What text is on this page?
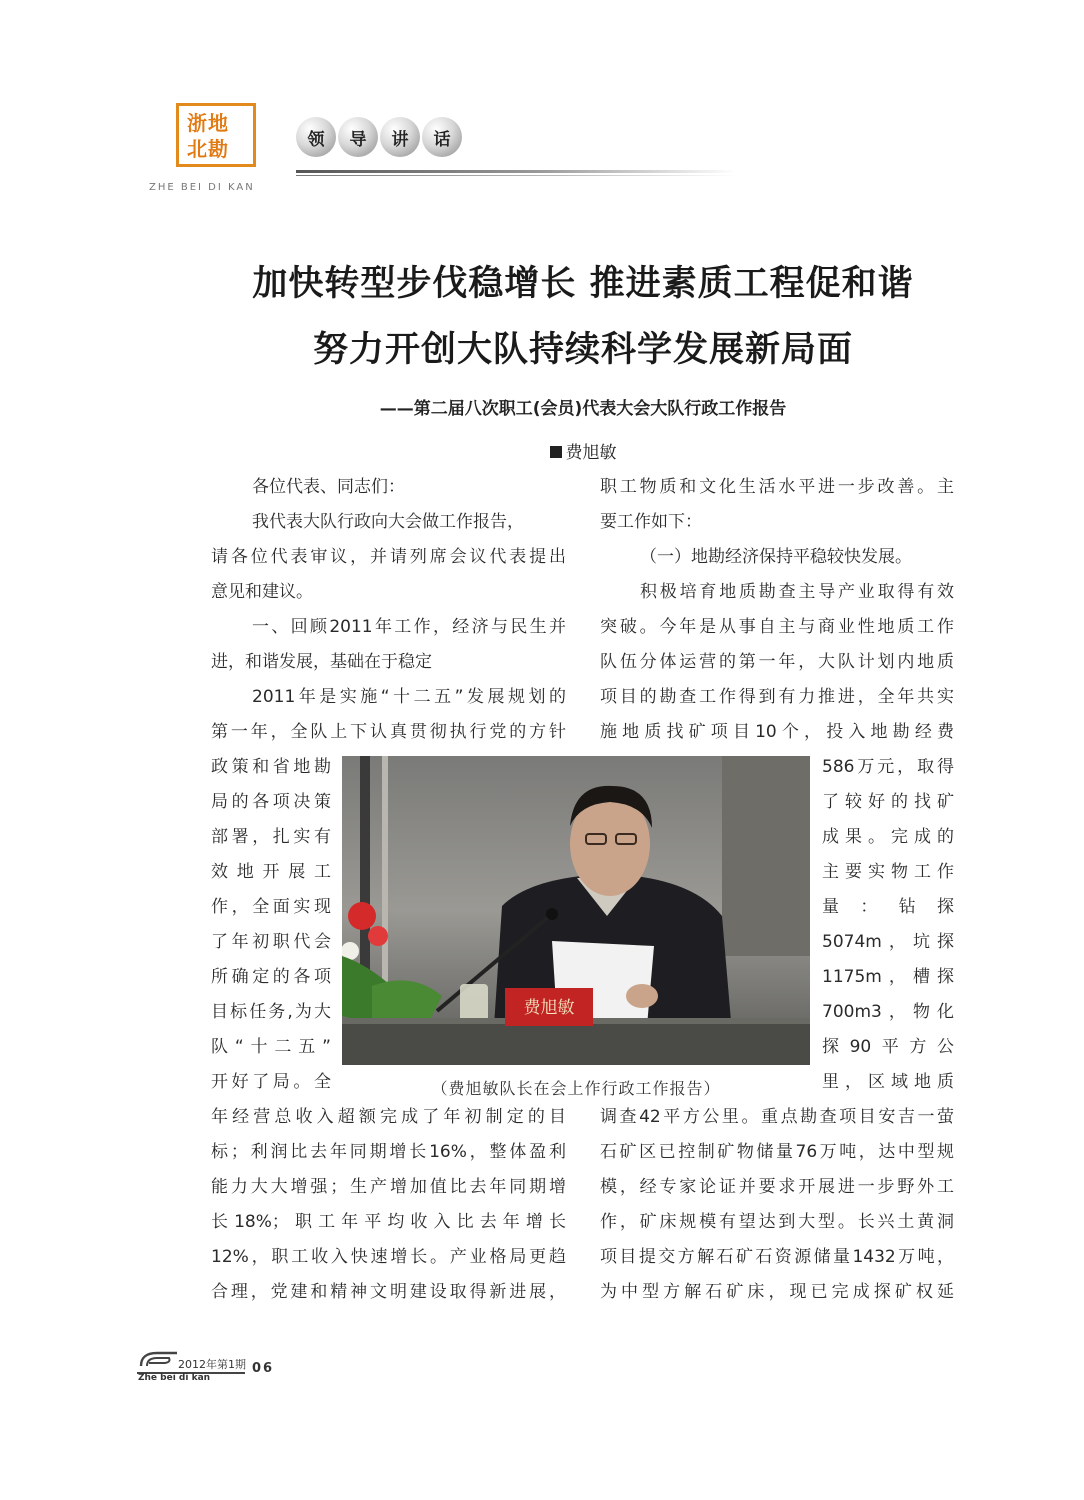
浙地
北勘
ZHE BEI DI KAN
领	导	讲	话
加快转型步伐稳增长 推进素质工程促和谐
努力开创大队持续科学发展新局面
——第二届八次职工(会员)代表大会大队行政工作报告
费旭敏
各位代表、同志们：
我代表大队行政向大会做工作报告，
请各位代表审议，并请列席会议代表提出
意见和建议。
一、回顾2011年工作，经济与民生并
进，和谐发展，基础在于稳定
2011年是实施“十二五”发展规划的
第一年，全队上下认真贯彻执行党的方针
政策和省地勘
局的各项决策
部署，扎实有
效地开展工
作，全面实现
了年初职代会
所确定的各项
目标任务,为大
队“十二五”
开好了局。全
年经营总收入超额完成了年初制定的目
标；利润比去年同期增长16%，整体盈利
能力大大增强；生产增加值比去年同期增
长18%；职工年平均收入比去年增长
12%，职工收入快速增长。产业格局更趋
合理，党建和精神文明建设取得新进展，
职工物质和文化生活水平进一步改善。主
要工作如下：
（一）地勘经济保持平稳较快发展。
积极培育地质勘查主导产业取得有效
突破。今年是从事自主与商业性地质工作
队伍分体运营的第一年，大队计划内地质
项目的勘查工作得到有力推进，全年共实
施地质找矿项目10个，投入地勘经费
586万元，取得
了较好的找矿
成果。完成的
主要实物工作
量：钻探
5074m，坑探
1175m，槽探
700m3，物化
探90平方公
里，区域地质
调查42平方公里。重点勘查项目安吉一萤
石矿区已控制矿物储量76万吨，达中型规
模，经专家论证并要求开展进一步野外工
作，矿床规模有望达到大型。长兴土黄洞
项目提交方解石矿石资源储量1432万吨，
为中型方解石矿床，现已完成探矿权延
费旭敏
（费旭敏队长在会上作行政工作报告）
2012年第1期
Zhe bei di kan
06
